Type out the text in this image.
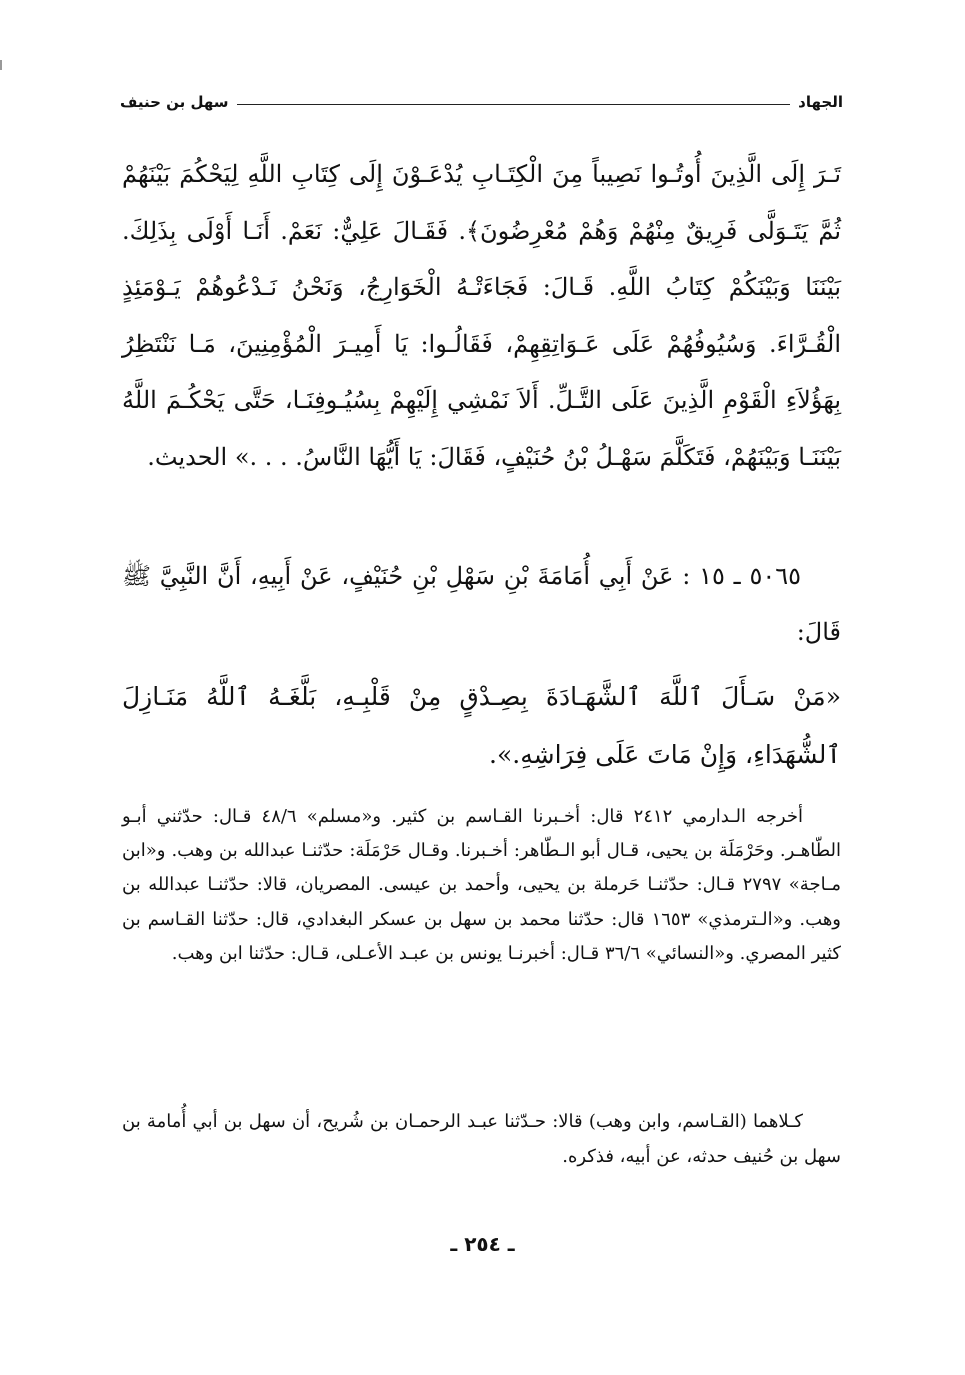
الجهاد
سهل بن حنيف
تَـرَ إِلَى الَّذِينَ أُوتُـوا نَصِيباً مِنَ الْكِتَـابِ يُدْعَـوْنَ إِلَى كِتَابِ اللَّهِ لِيَحْكُمَ بَيْنَهُمْ ثُمَّ يَتَـوَلَّى فَرِيقٌ مِنْهُمْ وَهُمْ مُعْرِضُونَ﴾. فَقَـالَ عَلِيٌّ: نَعَمْ. أَنَـا أَوْلَى بِذَلِكَ. بَيْنَنَا وَبَيْنَكُمْ كِتَابُ اللَّهِ. قَـالَ: فَجَاءَتْـهُ الْخَوَارِجُ، وَنَحْنُ نَـدْعُوهُمْ يَـوْمَئِذٍ الْقُـرَّاءَ. وَسُيُوفُهُمْ عَلَى عَـوَاتِقِهِمْ، فَقَالُـوا: يَا أَمِيـرَ الْمُؤْمِنِينَ، مَـا نَنْتَظِرُ بِهَؤُلاَءِ الْقَوْمِ الَّذِينَ عَلَى التَّـلِّ. أَلاَ نَمْشِي إِلَيْهِمْ بِسُيُـوفِنَـا، حَتَّى يَحْكُـمَ اللَّهُ بَيْنَنَـا وَبَيْنَهُمْ، فَتَكَلَّمَ سَهْـلُ بْنُ حُنَيْفٍ، فَقَالَ: يَا أَيُّهَا النَّاسُ. . . .» الحديث.
٥٠٦٥ ـ ١٥ : عَنْ أَبِي أُمَامَةَ بْنِ سَهْلِ بْنِ حُنَيْفٍ، عَنْ أَبِيهِ، أَنَّ النَّبِيَّ ﷺ قَالَ:
«مَنْ سَـأَلَ ٱللَّهَ ٱلشَّهَـادَةَ بِصِـدْقٍ مِنْ قَلْبِـهِ، بَلَّغَـهُ ٱللَّهُ مَنَـازِلَ ٱلشُّهَدَاءِ، وَإِنْ مَاتَ عَلَى فِرَاشِهِ.».

أخرجه الـدارمي ٢٤١٢ قال: أخـبرنا القـاسم بن كثير. و«مسلم» ٤٨/٦ قـال: حدّثني أبـو الطّاهـر. وحَرْمَلَة بن يحيى، قـال أبو الـطّاهر: أخـبرنا. وقـال حَرْمَلَة: حدّثنـا عبدالله بن وهب. و«ابن مـاجة» ٢٧٩٧ قـال: حدّثنـا حَرملة بن يحيى، وأحمد بن عيسى. المصريان، قالا: حدّثنـا عبدالله بن وهب. و«الـترمذي» ١٦٥٣ قال: حدّثنا محمد بن سهل بن عسكر البغدادي، قال: حدّثنا القـاسم بن كثير المصري. و«النسائي» ٣٦/٦ قـال: أخبرنـا يونس بن عبـد الأعـلى، قـال: حدّثنا ابن وهب.

كـلاهما (القـاسم، وابن وهب) قالا: حـدّثنا عبـد الرحمـان بن شُريح، أن سهل بن أبي أُمامة بن سهل بن حُنيف حدثه، عن أبيه، فذكره.

ـ ٢٥٤ ـ
